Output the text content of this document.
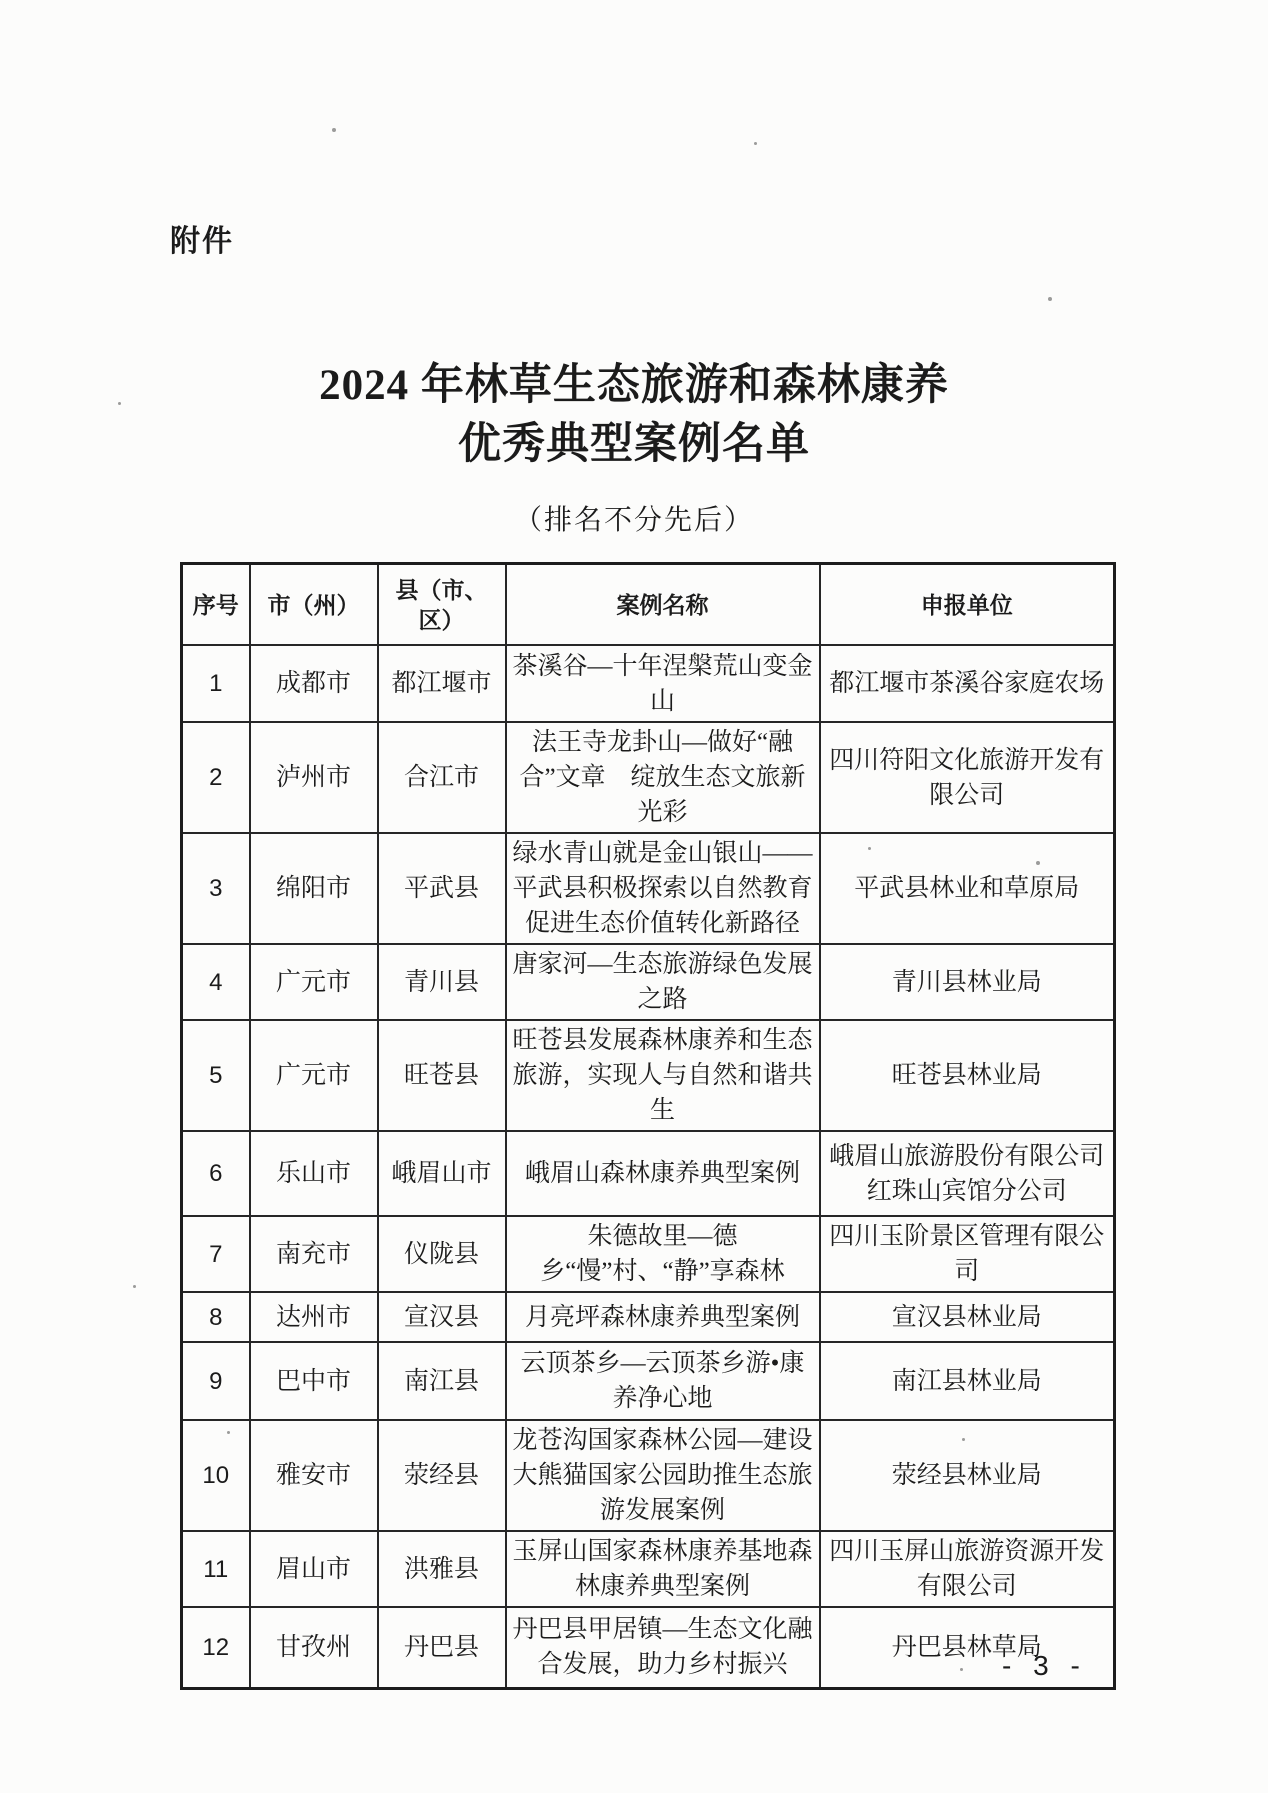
附件
2024 年林草生态旅游和森林康养
优秀典型案例名单
（排名不分先后）
序号	市（州）	县（市、区）	案例名称	申报单位
1	成都市	都江堰市	茶溪谷—十年涅槃荒山变金山	都江堰市茶溪谷家庭农场
2	泸州市	合江市	法王寺龙卦山—做好“融合”文章　绽放生态文旅新光彩	四川符阳文化旅游开发有限公司
3	绵阳市	平武县	绿水青山就是金山银山——平武县积极探索以自然教育促进生态价值转化新路径	平武县林业和草原局
4	广元市	青川县	唐家河—生态旅游绿色发展之路	青川县林业局
5	广元市	旺苍县	旺苍县发展森林康养和生态旅游，实现人与自然和谐共生	旺苍县林业局
6	乐山市	峨眉山市	峨眉山森林康养典型案例	峨眉山旅游股份有限公司红珠山宾馆分公司
7	南充市	仪陇县	朱德故里—德乡“慢”村、“静”享森林	四川玉阶景区管理有限公司
8	达州市	宣汉县	月亮坪森林康养典型案例	宣汉县林业局
9	巴中市	南江县	云顶茶乡—云顶茶乡游•康养净心地	南江县林业局
10	雅安市	荥经县	龙苍沟国家森林公园—建设大熊猫国家公园助推生态旅游发展案例	荥经县林业局
11	眉山市	洪雅县	玉屏山国家森林康养基地森林康养典型案例	四川玉屏山旅游资源开发有限公司
12	甘孜州	丹巴县	丹巴县甲居镇—生态文化融合发展，助力乡村振兴	丹巴县林草局
- 3 -
